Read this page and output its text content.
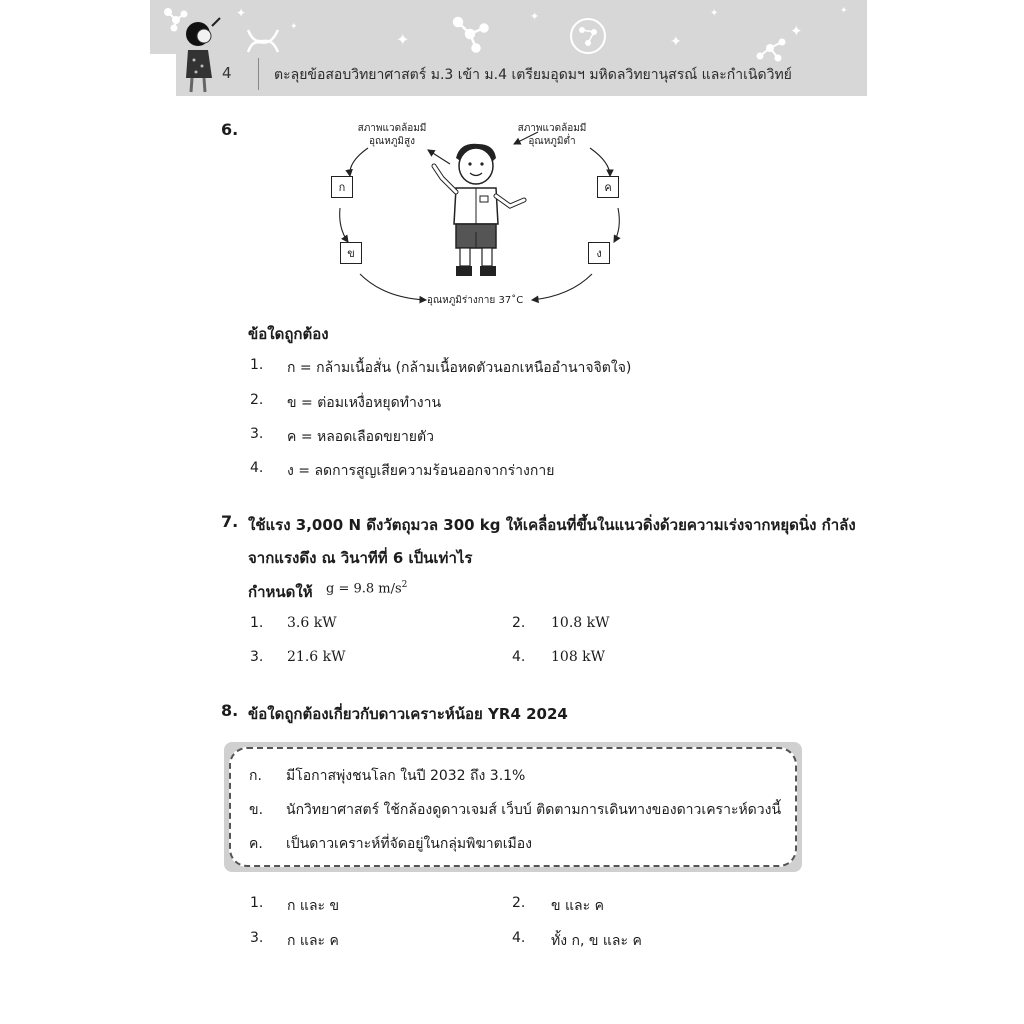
✦
✦
✦
✦
✦
✦
✦
✦
4	ตะลุยข้อสอบวิทยาศาสตร์ ม.3 เข้า ม.4 เตรียมอุดมฯ มหิดลวิทยานุสรณ์ และกำเนิดวิทย์
6.	สภาพแวดล้อมมี
อุณหภูมิสูง
สภาพแวดล้อมมี
อุณหภูมิต่ำ
ก
ข
ค
ง
อุณหภูมิร่างกาย 37˚C
ข้อใดถูกต้อง
1. ก = กล้ามเนื้อสั่น (กล้ามเนื้อหดตัวนอกเหนืออำนาจจิตใจ)
2. ข = ต่อมเหงื่อหยุดทำงาน
3. ค = หลอดเลือดขยายตัว
4. ง = ลดการสูญเสียความร้อนออกจากร่างกาย
7. ใช้แรง 3,000 N ดึงวัตถุมวล 300 kg ให้เคลื่อนที่ขึ้นในแนวดิ่งด้วยความเร่งจากหยุดนิ่ง กำลัง
จากแรงดึง ณ วินาทีที่ 6 เป็นเท่าไร
กำหนดให้ g = 9.8 $m/s^2$
1. 3.6 kW	2. 10.8 kW
3. 21.6 kW	4. 108 kW
8. ข้อใดถูกต้องเกี่ยวกับดาวเคราะห์น้อย YR4 2024
ก. มีโอกาสพุ่งชนโลก ในปี 2032 ถึง 3.1%
ข. นักวิทยาศาสตร์ ใช้กล้องดูดาวเจมส์ เว็บบ์ ติดตามการเดินทางของดาวเคราะห์ดวงนี้
ค. เป็นดาวเคราะห์ที่จัดอยู่ในกลุ่มพิฆาตเมือง
1. ก และ ข	2. ข และ ค
3. ก และ ค	4. ทั้ง ก, ข และ ค
